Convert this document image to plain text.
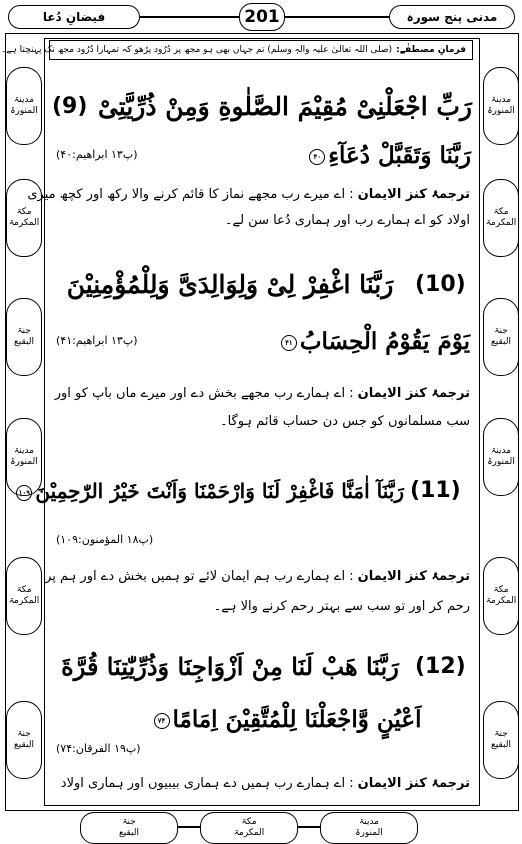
مدنی پنج سورہ
201
فیضانِ دُعا
مدینۃ
المنورۃ
مکۃ
المکرمۃ
جنۃ
البقیع
مدینۃ
المنورۃ
مکۃ
المکرمۃ
جنۃ
البقیع
مدینۃ
المنورۃ
مکۃ
المکرمۃ
جنۃ
البقیع
مدینۃ
المنورۃ
مکۃ
المکرمۃ
جنۃ
البقیع
فرمانِ مصطفٰے:
(صلی اللہ تعالیٰ علیہ والہٖ وسلم) تم جہاں بھی ہو مجھ پر دُرُود پڑھو کہ تمہارا دُرُود مجھ تک پہنچتا ہے۔
(9) رَبِّ اجْعَلْنِىْ مُقِيْمَ الصَّلٰوةِ وَمِنْ ذُرِّيَّتِىْ
(پ۱۳ ابراھیم:۴۰)	رَبَّنَا وَتَقَبَّلْ دُعَآءِ۴۰
ترجمۂ کنز الایمان: اے میرے رب مجھے نماز کا قائم کرنے والا رکھ اور کچھ میری
اولاد کو اے ہمارے رب اور ہماری دُعا سن لے۔
(10)
رَبَّنَا اغْفِرْ لِىْ وَلِوَالِدَىَّ وَلِلْمُؤْمِنِيْنَ
(پ۱۳ ابراھیم:۴۱)	يَوْمَ يَقُوْمُ الْحِسَابُ۴۱
ترجمۂ کنز الایمان: اے ہمارے رب مجھے بخش دے اور میرے ماں باپ کو اور
سب مسلمانوں کو جس دن حساب قائم ہوگا۔
(11)
رَبَّنَآ اٰمَنَّا فَاغْفِرْ لَنَا وَارْحَمْنَا وَاَنْتَ خَيْرُ الرّٰحِمِيْنَ۱۰۹
(پ۱۸ المؤمنون:۱۰۹)
ترجمۂ کنز الایمان: اے ہمارے رب ہم ایمان لائے تو ہمیں بخش دے اور ہم پر
رحم کر اور تو سب سے بہتر رحم کرنے والا ہے۔
(12)
رَبَّنَا هَبْ لَنَا مِنْ اَزْوَاجِنَا وَذُرِّيّٰتِنَا قُرَّةَ
اَعْيُنٍ وَّاجْعَلْنَا لِلْمُتَّقِيْنَ اِمَامًا۷۴
(پ۱۹ الفرقان:۷۴)
ترجمۂ کنز الایمان: اے ہمارے رب ہمیں دے ہماری بیبیوں اور ہماری اولاد
جنۃ
البقیع
مکۃ
المکرمۃ
مدینۃ
المنورۃ
